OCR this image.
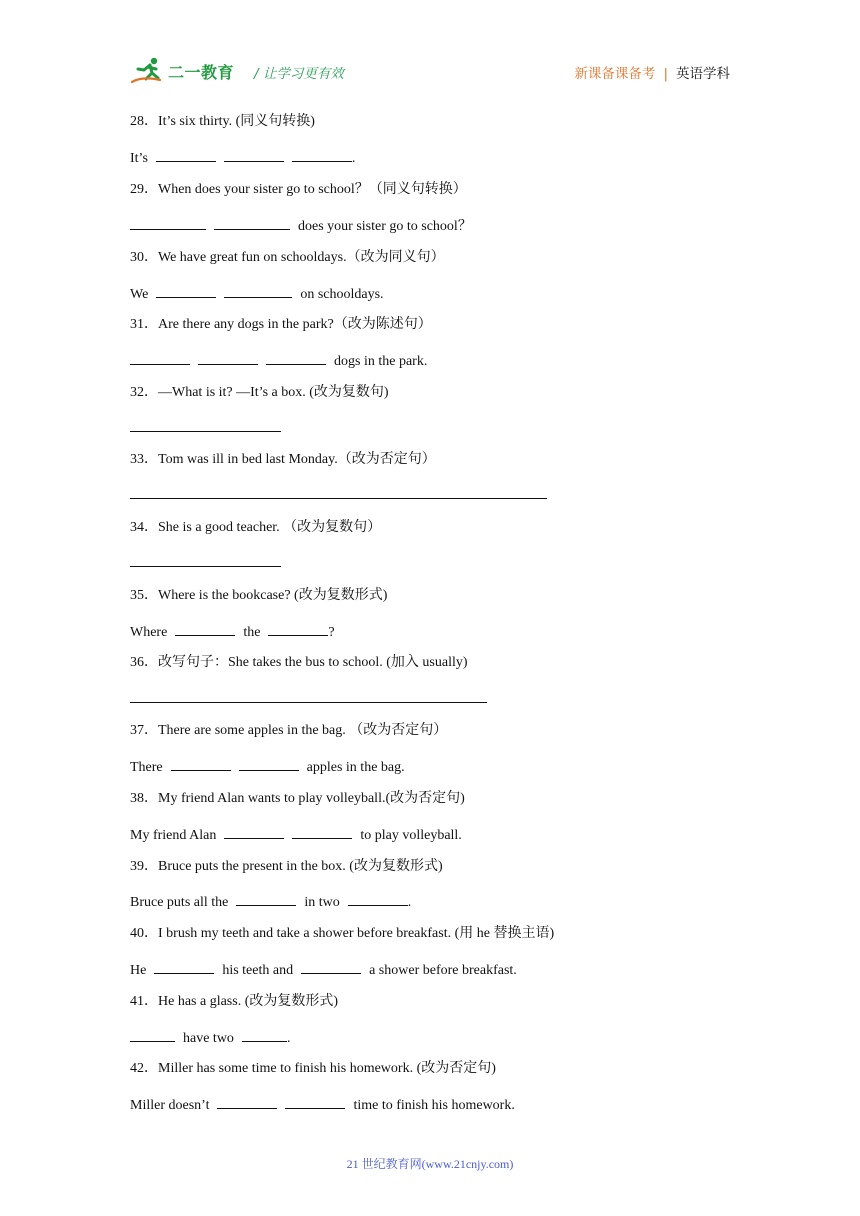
二一教育 / 让学习更有效	新课备课备考 | 英语学科
28．It’s six thirty. (同义句转换)
It’s	.
29．When does your sister go to school？（同义句转换）
does your sister go to school？
30．We have great fun on schooldays.（改为同义句）
We	on schooldays.
31．Are there any dogs in the park?（改为陈述句）
dogs in the park.
32．—What is it? —It’s a box. (改为复数句)
33．Tom was ill in bed last Monday.（改为否定句）
34．She is a good teacher. （改为复数句）
35．Where is the bookcase? (改为复数形式)
Where	the	?
36．改写句子：She takes the bus to school. (加入 usually)
37．There are some apples in the bag. （改为否定句）
There	apples in the bag.
38．My friend Alan wants to play volleyball.(改为否定句)
My friend Alan	to play volleyball.
39．Bruce puts the present in the box. (改为复数形式)
Bruce puts all the	in two	.
40．I brush my teeth and take a shower before breakfast. (用 he 替换主语)
He	his teeth and	a shower before breakfast.
41．He has a glass. (改为复数形式)
have two	.
42．Miller has some time to finish his homework. (改为否定句)
Miller doesn’t	time to finish his homework.
21 世纪教育网(www.21cnjy.com)
